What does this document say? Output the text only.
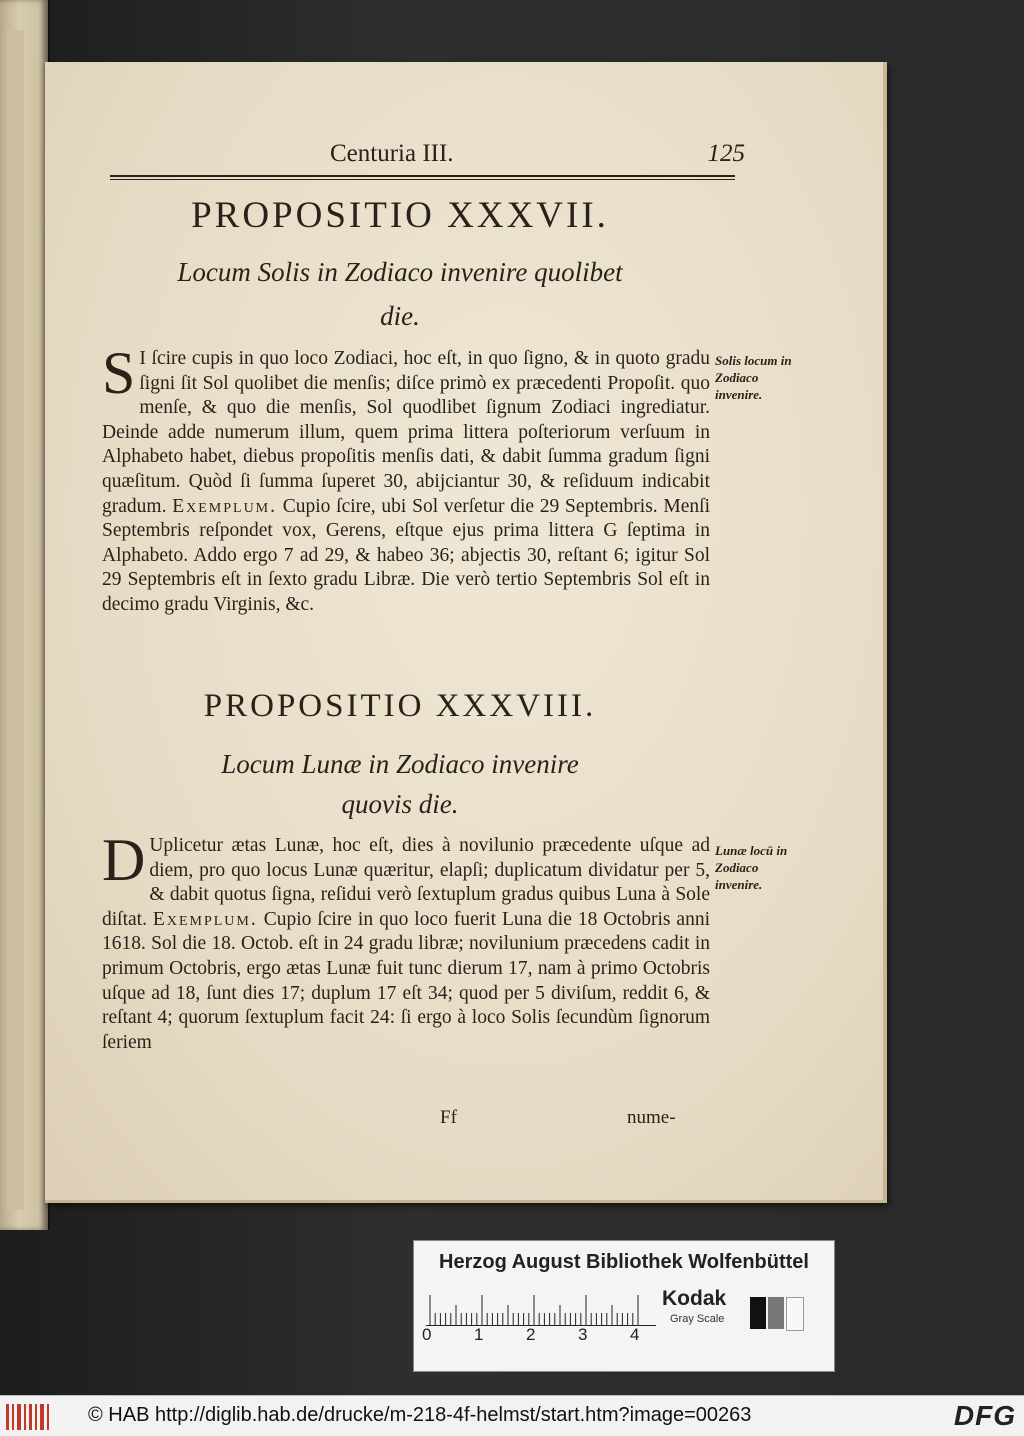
Centuria III.	125
PROPOSITIO XXXVII.
Locum Solis in Zodiaco invenire quolibet
die.
S I ſcire cupis in quo loco Zodiaci, hoc eſt, in quo ſigno, & in quoto gradu ſigni ſit Sol quolibet die menſis; diſce primò ex præcedenti Propoſit. quo menſe, & quo die menſis, Sol quodlibet ſignum Zodiaci ingrediatur. Deinde adde numerum illum, quem prima littera poſteriorum verſuum in Alphabeto habet, diebus propoſitis menſis dati, & dabit ſumma gradum ſigni quæſitum. Quòd ſi ſumma ſuperet 30, abijciantur 30, & reſiduum indicabit gradum. Exemplum. Cupio ſcire, ubi Sol verſetur die 29 Septembris. Menſi Septembris reſpondet vox, Gerens, eſtque ejus prima littera G ſeptima in Alphabeto. Addo ergo 7 ad 29, & habeo 36; abjectis 30, reſtant 6; igitur Sol 29 Septembris eſt in ſexto gradu Libræ. Die verò tertio Septembris Sol eſt in decimo gradu Virginis, &c.
Solis locum in Zodiaco invenire.
PROPOSITIO XXXVIII.
Locum Lunæ in Zodiaco invenire
quovis die.
D Uplicetur ætas Lunæ, hoc eſt, dies à novilunio præcedente uſque ad diem, pro quo locus Lunæ quæritur, elapſi; duplicatum dividatur per 5, & dabit quotus ſigna, reſidui verò ſextuplum gradus quibus Luna à Sole diſtat. Exemplum. Cupio ſcire in quo loco fuerit Luna die 18 Octobris anni 1618. Sol die 18. Octob. eſt in 24 gradu libræ; novilunium præcedens cadit in primum Octobris, ergo ætas Lunæ fuit tunc dierum 17, nam à primo Octobris uſque ad 18, ſunt dies 17; duplum 17 eſt 34; quod per 5 diviſum, reddit 6, & reſtant 4; quorum ſextuplum facit 24: ſi ergo à loco Solis ſecundùm ſignorum ſeriem
Lunæ locū in Zodiaco invenire.
Ff	nume-
Herzog August Bibliothek Wolfenbüttel
0	1	2	3	4
Kodak
Gray Scale
© HAB http://diglib.hab.de/drucke/m-218-4f-helmst/start.htm?image=00263	DFG
